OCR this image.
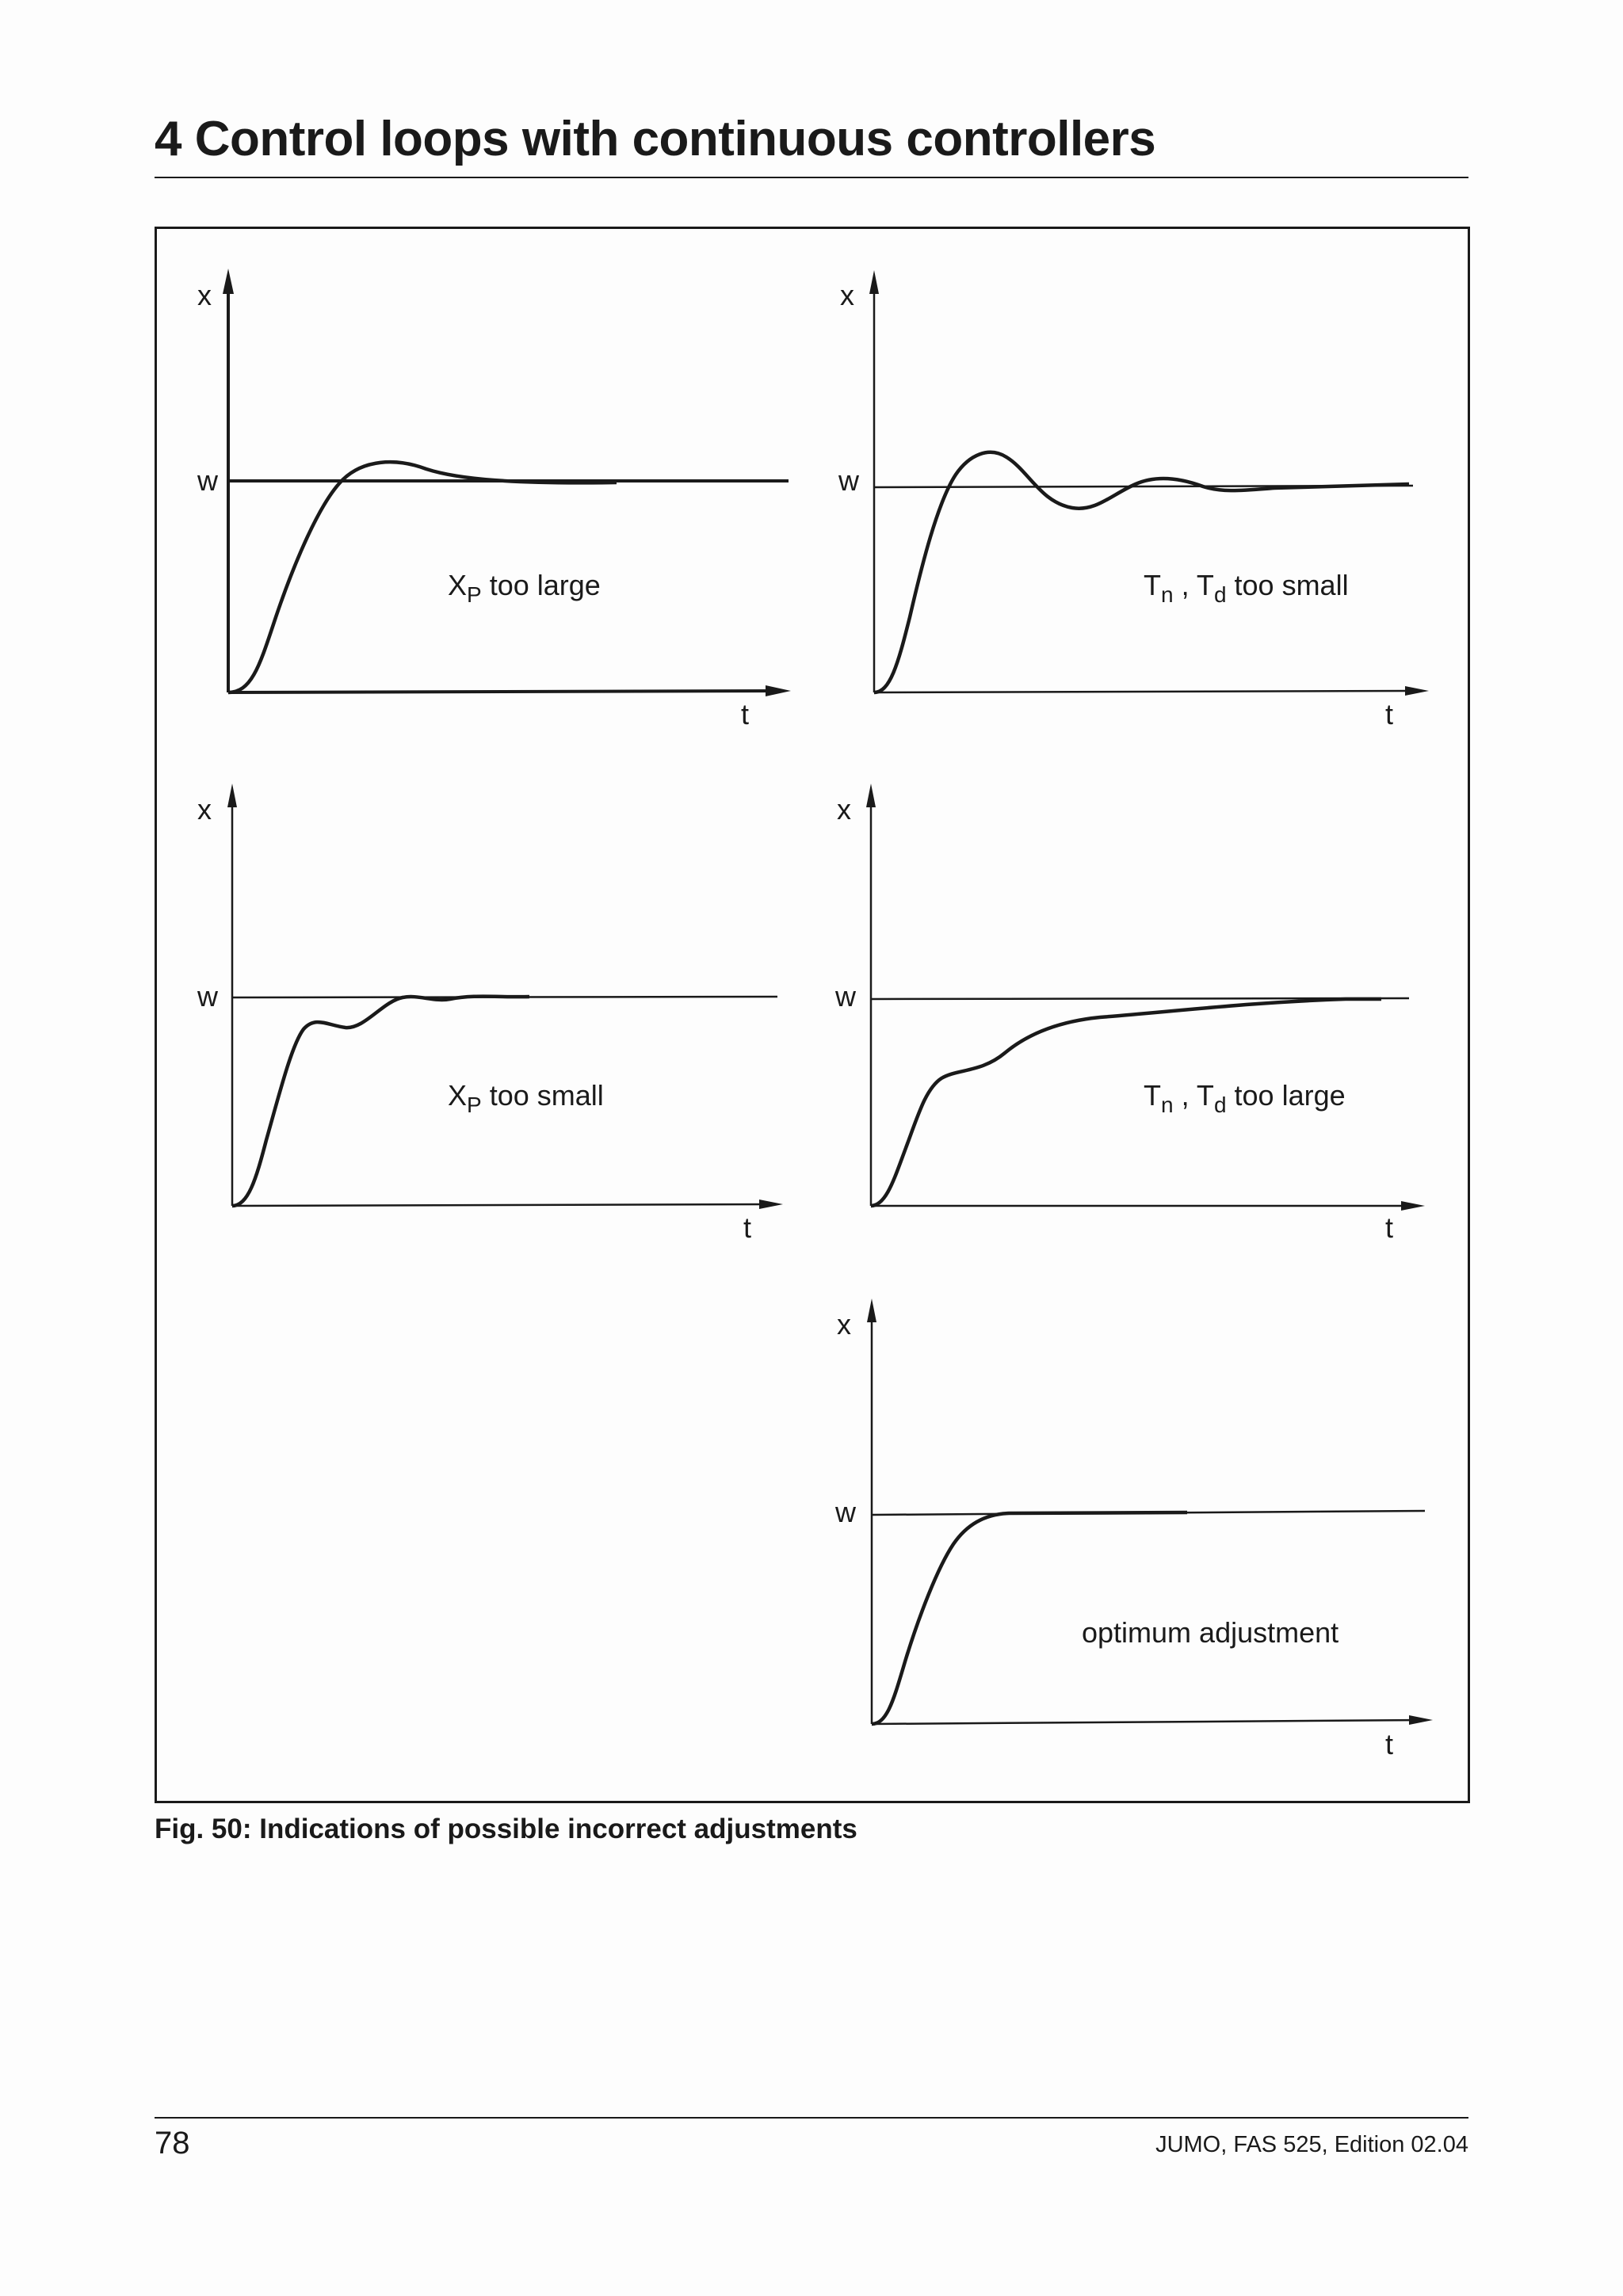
4 Control loops with continuous controllers
x
w
t
$X_P$ too large
x
w
t
$T_n$ , $T_d$ too small
x
w
t
$X_P$ too small
x
w
t
$T_n$ , $T_d$ too large
x
w
t
optimum adjustment

Fig. 50: Indications of possible incorrect adjustments

78	JUMO, FAS 525, Edition 02.04
